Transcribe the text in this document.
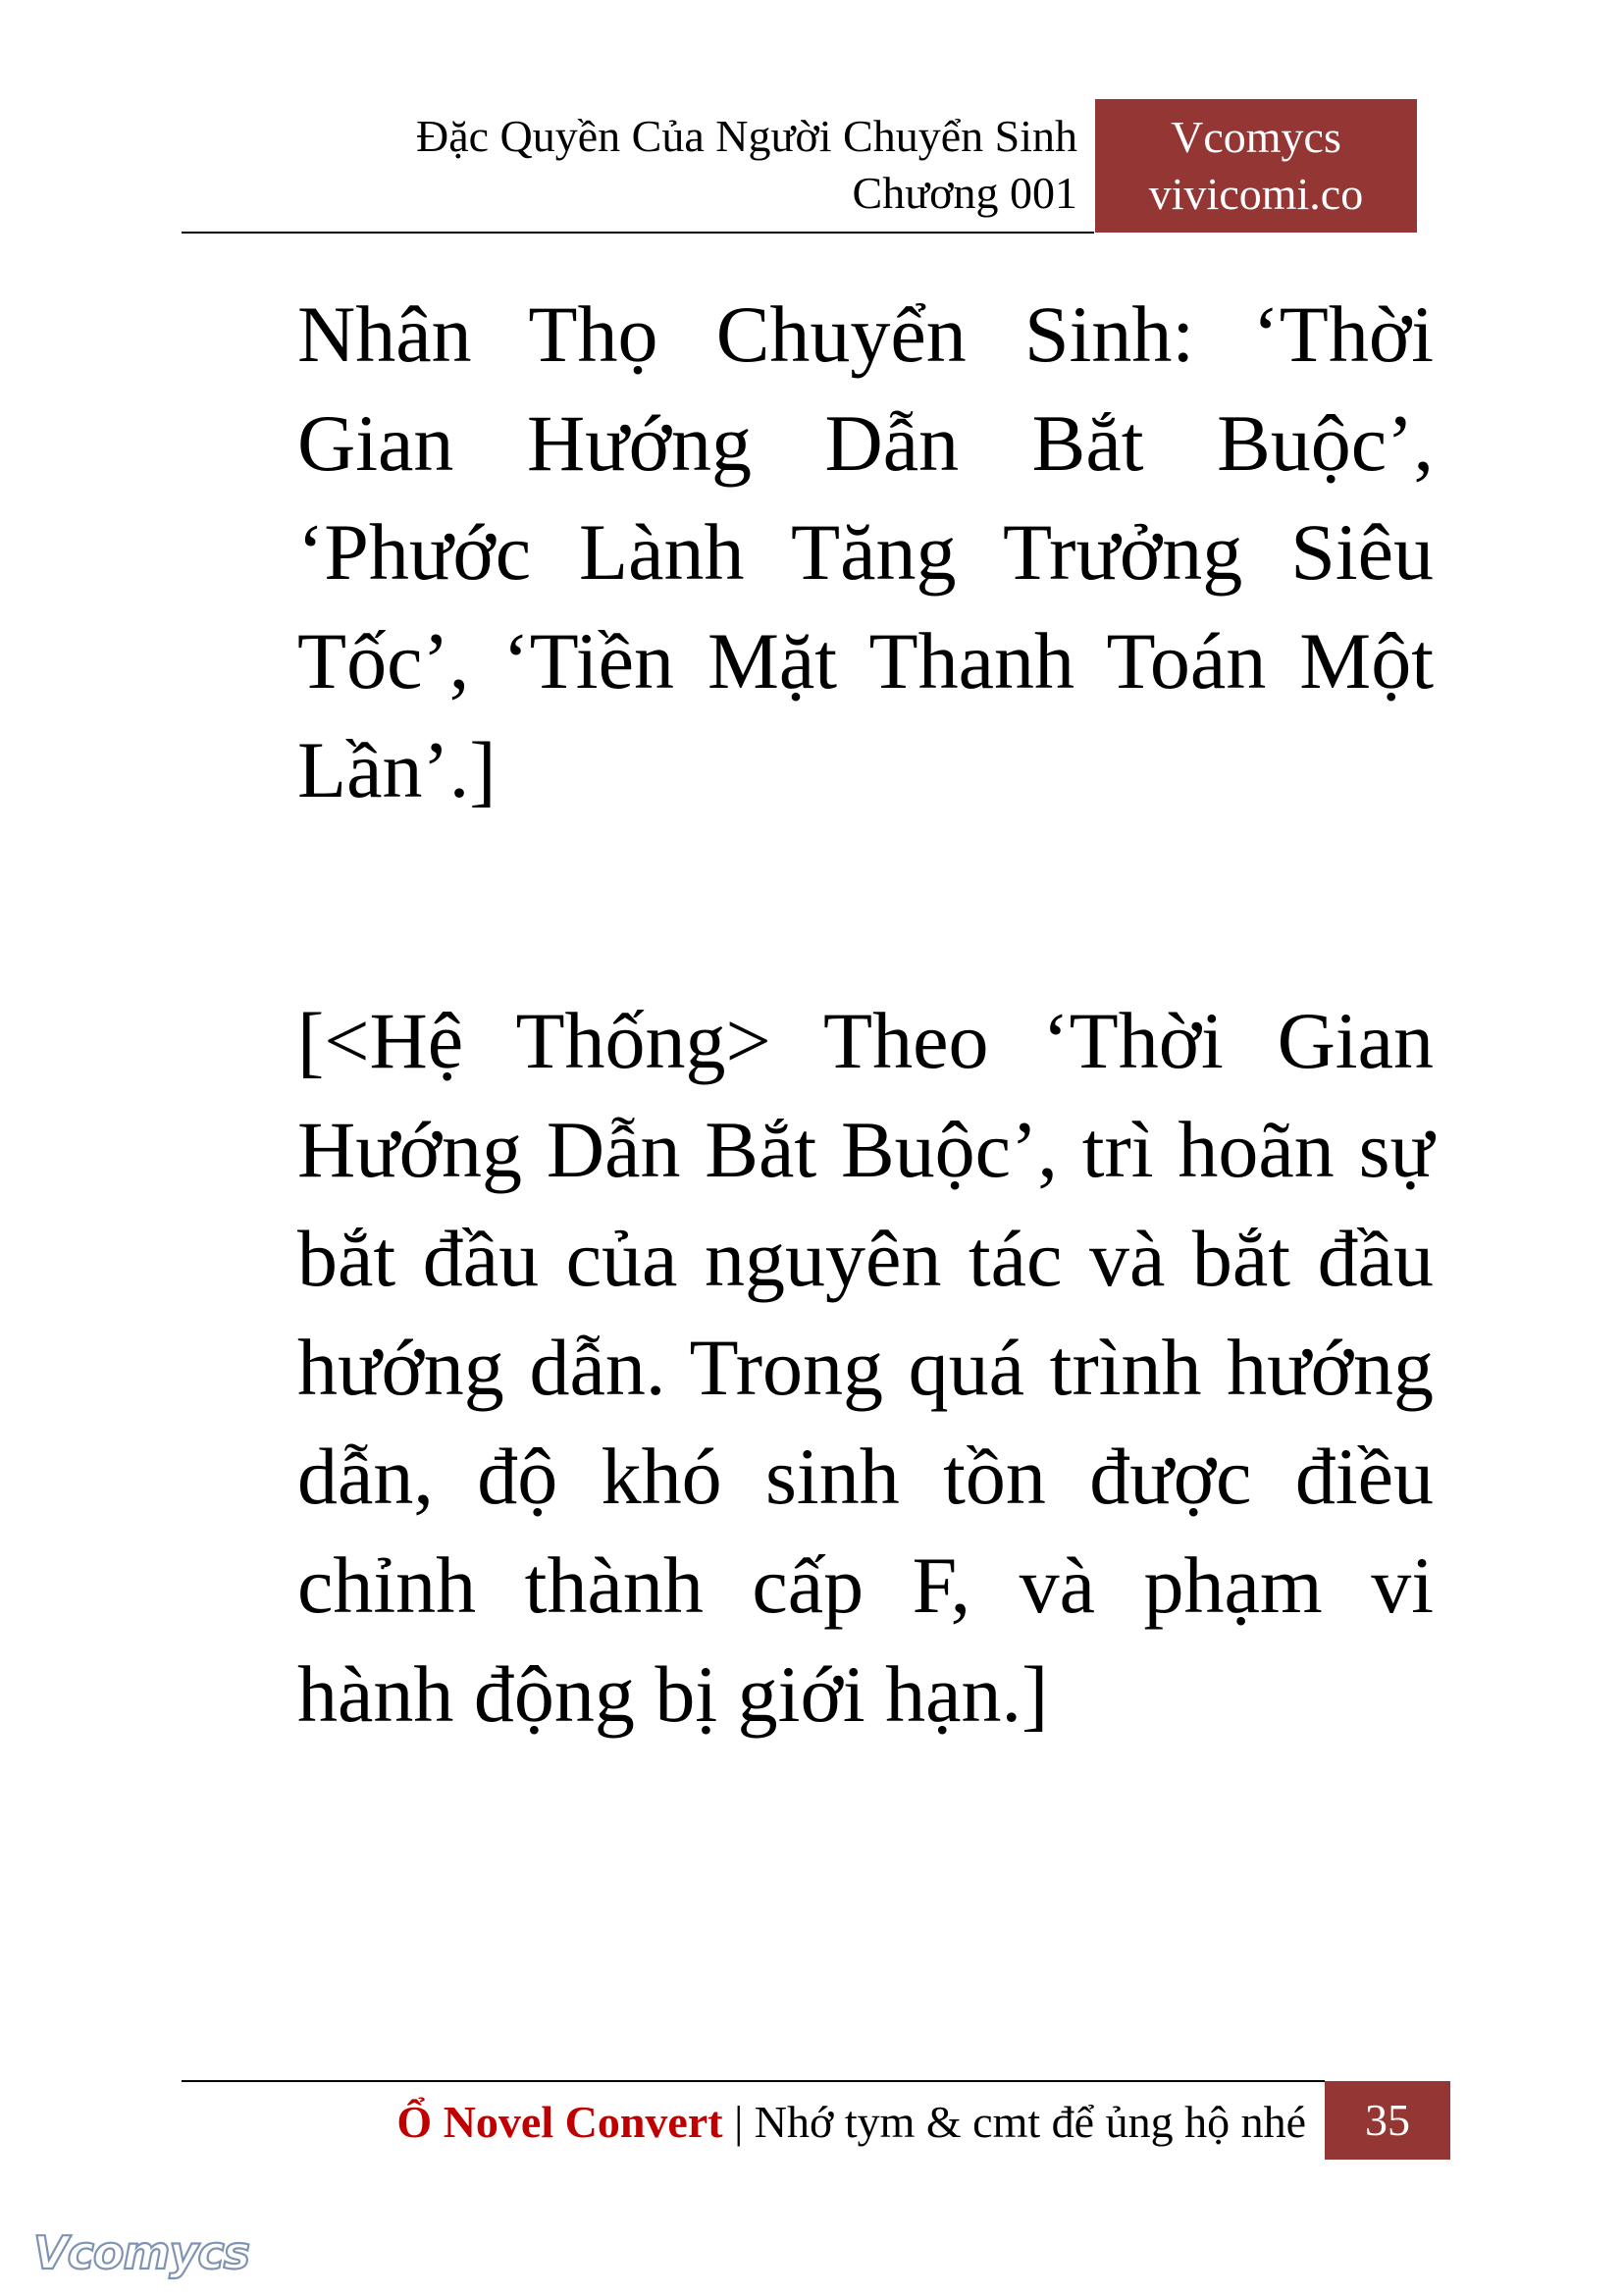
Đặc Quyền Của Người Chuyển Sinh
Chương 001
Vcomycs
vivicomi.co
Nhân Thọ Chuyển Sinh: ‘Thời Gian Hướng Dẫn Bắt Buộc’, ‘Phước Lành Tăng Trưởng Siêu Tốc’, ‘Tiền Mặt Thanh Toán Một Lần’.]
[<Hệ Thống> Theo ‘Thời Gian Hướng Dẫn Bắt Buộc’, trì hoãn sự bắt đầu của nguyên tác và bắt đầu hướng dẫn. Trong quá trình hướng dẫn, độ khó sinh tồn được điều chỉnh thành cấp F, và phạm vi hành động bị giới hạn.]
Ổ Novel Convert | Nhớ tym & cmt để ủng hộ nhé	35
Vcomycs
